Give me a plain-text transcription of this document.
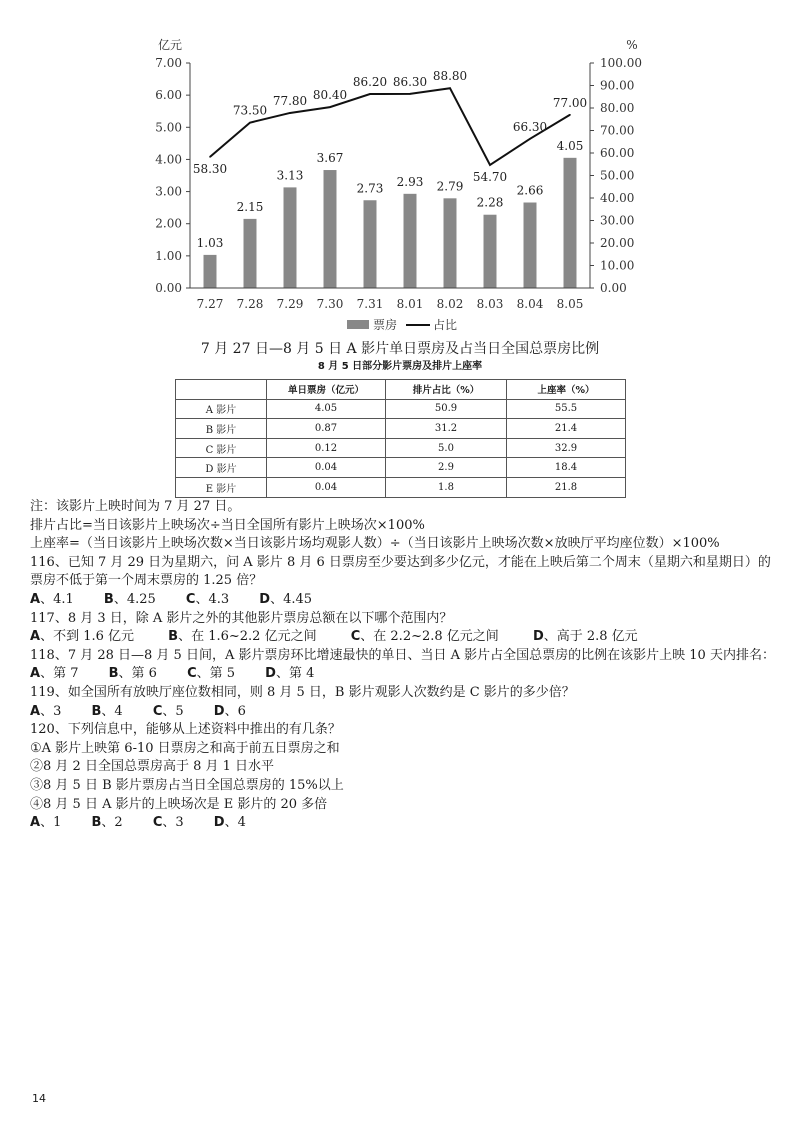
1.03
2.15
3.13
3.67
2.73 2.93 2.79
2.28
2.66
4.05
58.30
73.50
77.80 80.40
86.20 86.30 88.80
54.70
66.30
77.00
0.00
1.00
2.00
3.00
4.00
5.00
6.00
7.00
0.00
10.00
20.00
30.00
40.00
50.00
60.00
70.00
80.00
90.00
100.00
亿元	%
7.27 7.28 7.29 7.30 7.31 8.01 8.02 8.03 8.04 8.05
票房	占比
7 月 27 日—8 月 5 日 A 影片单日票房及占当日全国总票房比例
8 月 5 日部分影片票房及排片上座率
	单日票房（亿元）	排片占比（%）	上座率（%）
A 影片	4.05	50.9	55.5
B 影片	0.87	31.2	21.4
C 影片	0.12	5.0	32.9
D 影片	0.04	2.9	18.4
E 影片	0.04	1.8	21.8
注：该影片上映时间为 7 月 27 日。
排片占比=当日该影片上映场次÷当日全国所有影片上映场次×100%
上座率=（当日该影片上映场次数×当日该影片场均观影人数）÷（当日该影片上映场次数×放映厅平均座位数）×100%
116、已知 7 月 29 日为星期六，问 A 影片 8 月 6 日票房至少要达到多少亿元，才能在上映后第二个周末（星期六和星期日）的票房不低于第一个周末票房的 1.25 倍？
A、4.1 B、4.25 C、4.3 D、4.45
117、8 月 3 日，除 A 影片之外的其他影片票房总额在以下哪个范围内？
A、不到 1.6 亿元	B、在 1.6~2.2 亿元之间	C、在 2.2~2.8 亿元之间	D、高于 2.8 亿元
118、7 月 28 日—8 月 5 日间，A 影片票房环比增速最快的单日、当日 A 影片占全国总票房的比例在该影片上映 10 天内排名：
A、第 7 B、第 6 C、第 5 D、第 4
119、如全国所有放映厅座位数相同，则 8 月 5 日，B 影片观影人次数约是 C 影片的多少倍？
A、3 B、4 C、5 D、6
120、下列信息中，能够从上述资料中推出的有几条？
①A 影片上映第 6-10 日票房之和高于前五日票房之和
②8 月 2 日全国总票房高于 8 月 1 日水平
③8 月 5 日 B 影片票房占当日全国总票房的 15%以上
④8 月 5 日 A 影片的上映场次是 E 影片的 20 多倍
A、1 B、2 C、3 D、4
14
